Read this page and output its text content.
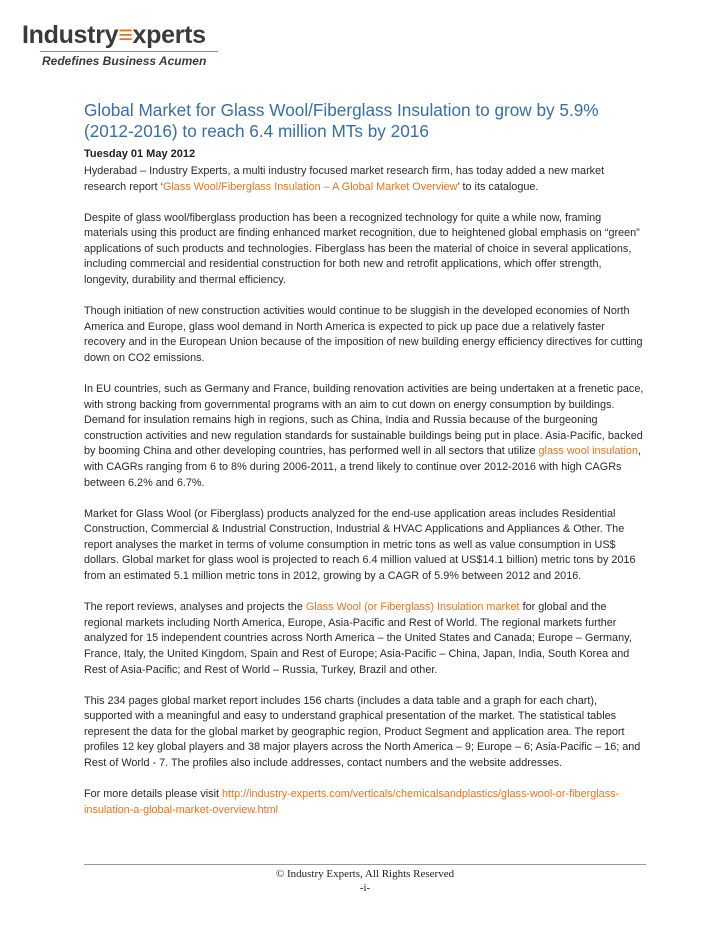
Industry≡xperts
Redefines Business Acumen
Global Market for Glass Wool/Fiberglass Insulation to grow by 5.9% (2012-2016) to reach 6.4 million MTs by 2016
Tuesday 01 May 2012

Hyderabad – Industry Experts, a multi industry focused market research firm, has today added a new market research report ‘Glass Wool/Fiberglass Insulation – A Global Market Overview’ to its catalogue.

Despite of glass wool/fiberglass production has been a recognized technology for quite a while now, framing materials using this product are finding enhanced market recognition, due to heightened global emphasis on “green” applications of such products and technologies. Fiberglass has been the material of choice in several applications, including commercial and residential construction for both new and retrofit applications, which offer strength, longevity, durability and thermal efficiency.

Though initiation of new construction activities would continue to be sluggish in the developed economies of North America and Europe, glass wool demand in North America is expected to pick up pace due a relatively faster recovery and in the European Union because of the imposition of new building energy efficiency directives for cutting down on CO2 emissions.

In EU countries, such as Germany and France, building renovation activities are being undertaken at a frenetic pace, with strong backing from governmental programs with an aim to cut down on energy consumption by buildings. Demand for insulation remains high in regions, such as China, India and Russia because of the burgeoning construction activities and new regulation standards for sustainable buildings being put in place. Asia-Pacific, backed by booming China and other developing countries, has performed well in all sectors that utilize glass wool insulation, with CAGRs ranging from 6 to 8% during 2006-2011, a trend likely to continue over 2012-2016 with high CAGRs between 6.2% and 6.7%.

Market for Glass Wool (or Fiberglass) products analyzed for the end-use application areas includes Residential Construction, Commercial & Industrial Construction, Industrial & HVAC Applications and Appliances & Other. The report analyses the market in terms of volume consumption in metric tons as well as value consumption in US$ dollars. Global market for glass wool is projected to reach 6.4 million valued at US$14.1 billion) metric tons by 2016 from an estimated 5.1 million metric tons in 2012, growing by a CAGR of 5.9% between 2012 and 2016.

The report reviews, analyses and projects the Glass Wool (or Fiberglass) Insulation market for global and the regional markets including North America, Europe, Asia-Pacific and Rest of World. The regional markets further analyzed for 15 independent countries across North America – the United States and Canada; Europe – Germany, France, Italy, the United Kingdom, Spain and Rest of Europe; Asia-Pacific – China, Japan, India, South Korea and Rest of Asia-Pacific; and Rest of World – Russia, Turkey, Brazil and other.

This 234 pages global market report includes 156 charts (includes a data table and a graph for each chart), supported with a meaningful and easy to understand graphical presentation of the market. The statistical tables represent the data for the global market by geographic region, Product Segment and application area. The report profiles 12 key global players and 38 major players across the North America – 9; Europe – 6; Asia-Pacific – 16; and Rest of World - 7. The profiles also include addresses, contact numbers and the website addresses.

For more details please visit http://industry-experts.com/verticals/chemicalsandplastics/glass-wool-or-fiberglass-insulation-a-global-market-overview.html

© Industry Experts, All Rights Reserved
-i-
